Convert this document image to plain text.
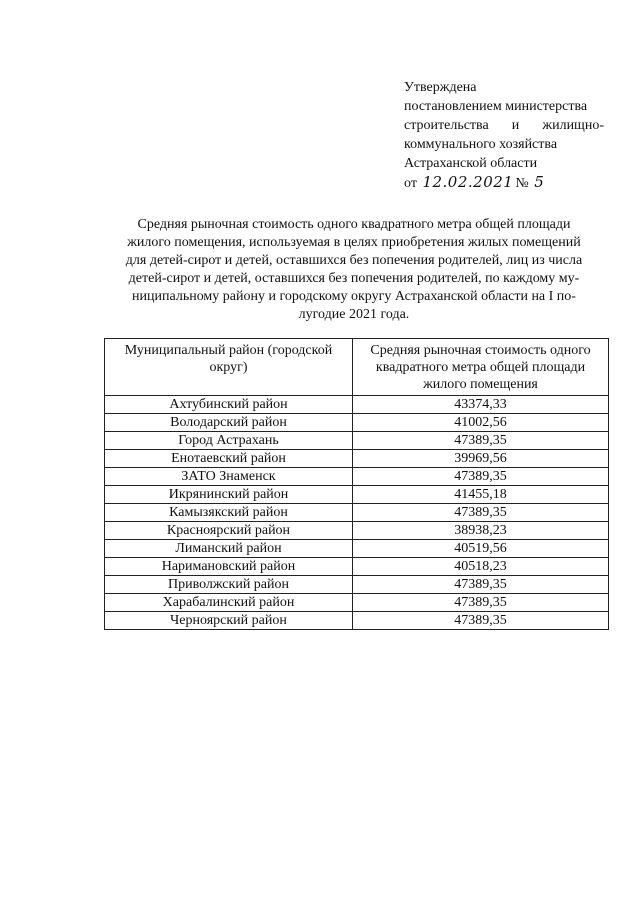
Утверждена
постановлением министерства
строительства и жилищно-
коммунального хозяйства
Астраханской области
от 12.02.2021 № 5
Средняя рыночная стоимость одного квадратного метра общей площади
жилого помещения, используемая в целях приобретения жилых помещений
для детей-сирот и детей, оставшихся без попечения родителей, лиц из числа
детей-сирот и детей, оставшихся без попечения родителей, по каждому му-
ниципальному району и городскому округу Астраханской области на I по-
лугодие 2021 года.
Муниципальный район (городской округ)	Средняя рыночная стоимость одного квадратного метра общей площади жилого помещения
Ахтубинский район	43374,33
Володарский район	41002,56
Город Астрахань	47389,35
Енотаевский район	39969,56
ЗАТО Знаменск	47389,35
Икрянинский район	41455,18
Камызякский район	47389,35
Красноярский район	38938,23
Лиманский район	40519,56
Наримановский район	40518,23
Приволжский район	47389,35
Харабалинский район	47389,35
Черноярский район	47389,35
